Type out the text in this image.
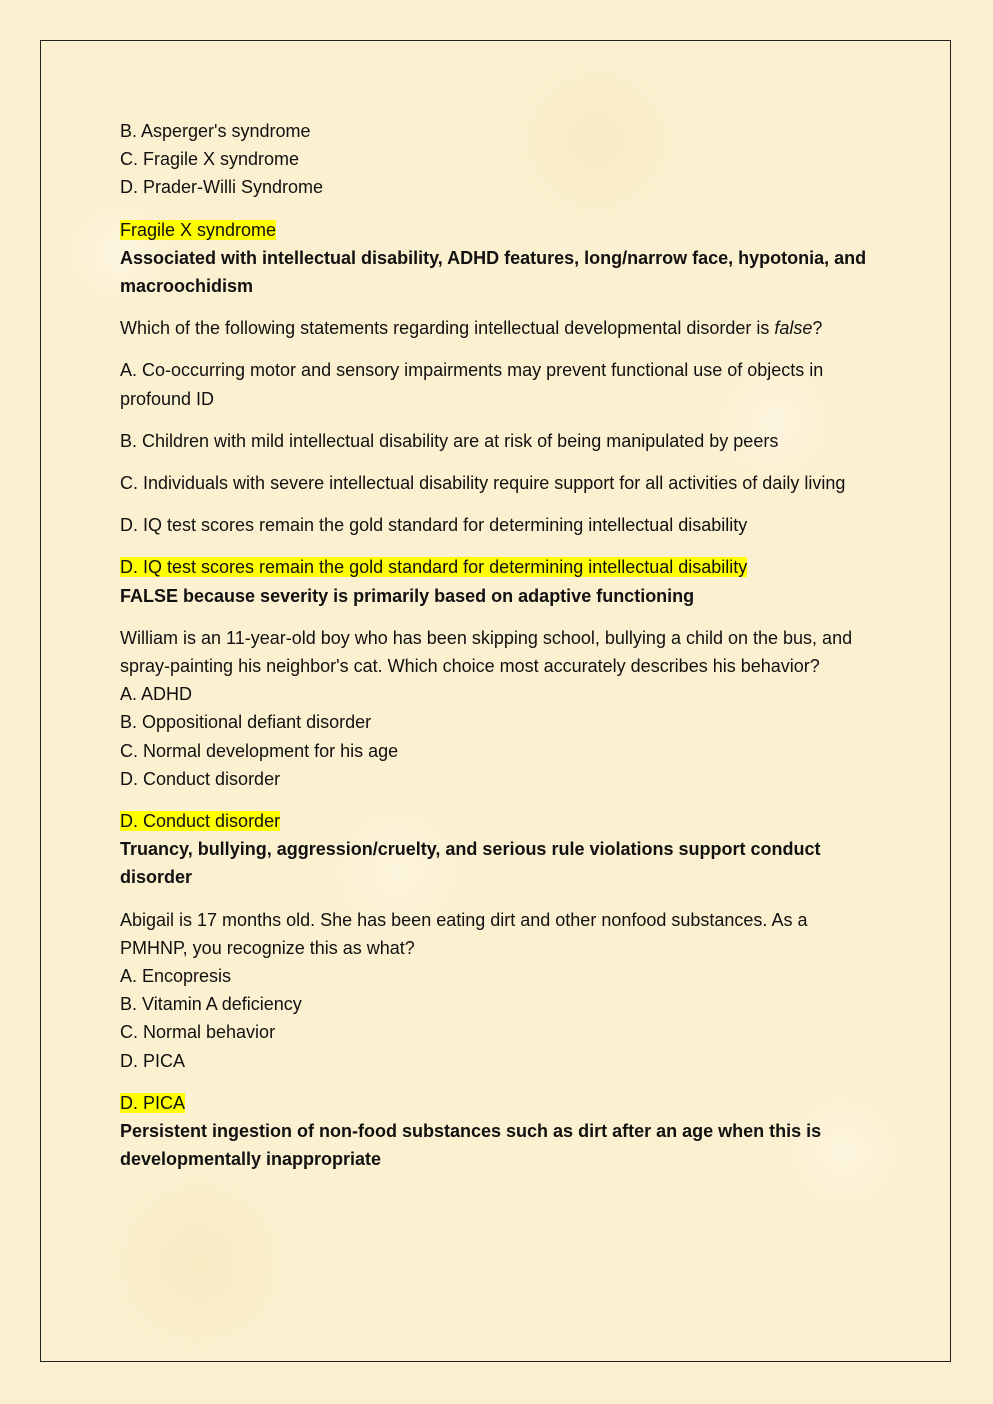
B. Asperger's syndrome

C. Fragile X syndrome

D. Prader-Willi Syndrome

Fragile X syndrome

Associated with intellectual disability, ADHD features, long/narrow face, hypotonia, and macroochidism

Which of the following statements regarding intellectual developmental disorder is false?

A. Co-occurring motor and sensory impairments may prevent functional use of objects in profound ID

B. Children with mild intellectual disability are at risk of being manipulated by peers

C. Individuals with severe intellectual disability require support for all activities of daily living

D. IQ test scores remain the gold standard for determining intellectual disability

D. IQ test scores remain the gold standard for determining intellectual disability

FALSE because severity is primarily based on adaptive functioning

William is an 11-year-old boy who has been skipping school, bullying a child on the bus, and spray-painting his neighbor's cat. Which choice most accurately describes his behavior?

A. ADHD

B. Oppositional defiant disorder

C. Normal development for his age

D. Conduct disorder

D. Conduct disorder

Truancy, bullying, aggression/cruelty, and serious rule violations support conduct disorder

Abigail is 17 months old. She has been eating dirt and other nonfood substances. As a PMHNP, you recognize this as what?

A. Encopresis

B. Vitamin A deficiency

C. Normal behavior

D. PICA

D. PICA

Persistent ingestion of non-food substances such as dirt after an age when this is developmentally inappropriate
